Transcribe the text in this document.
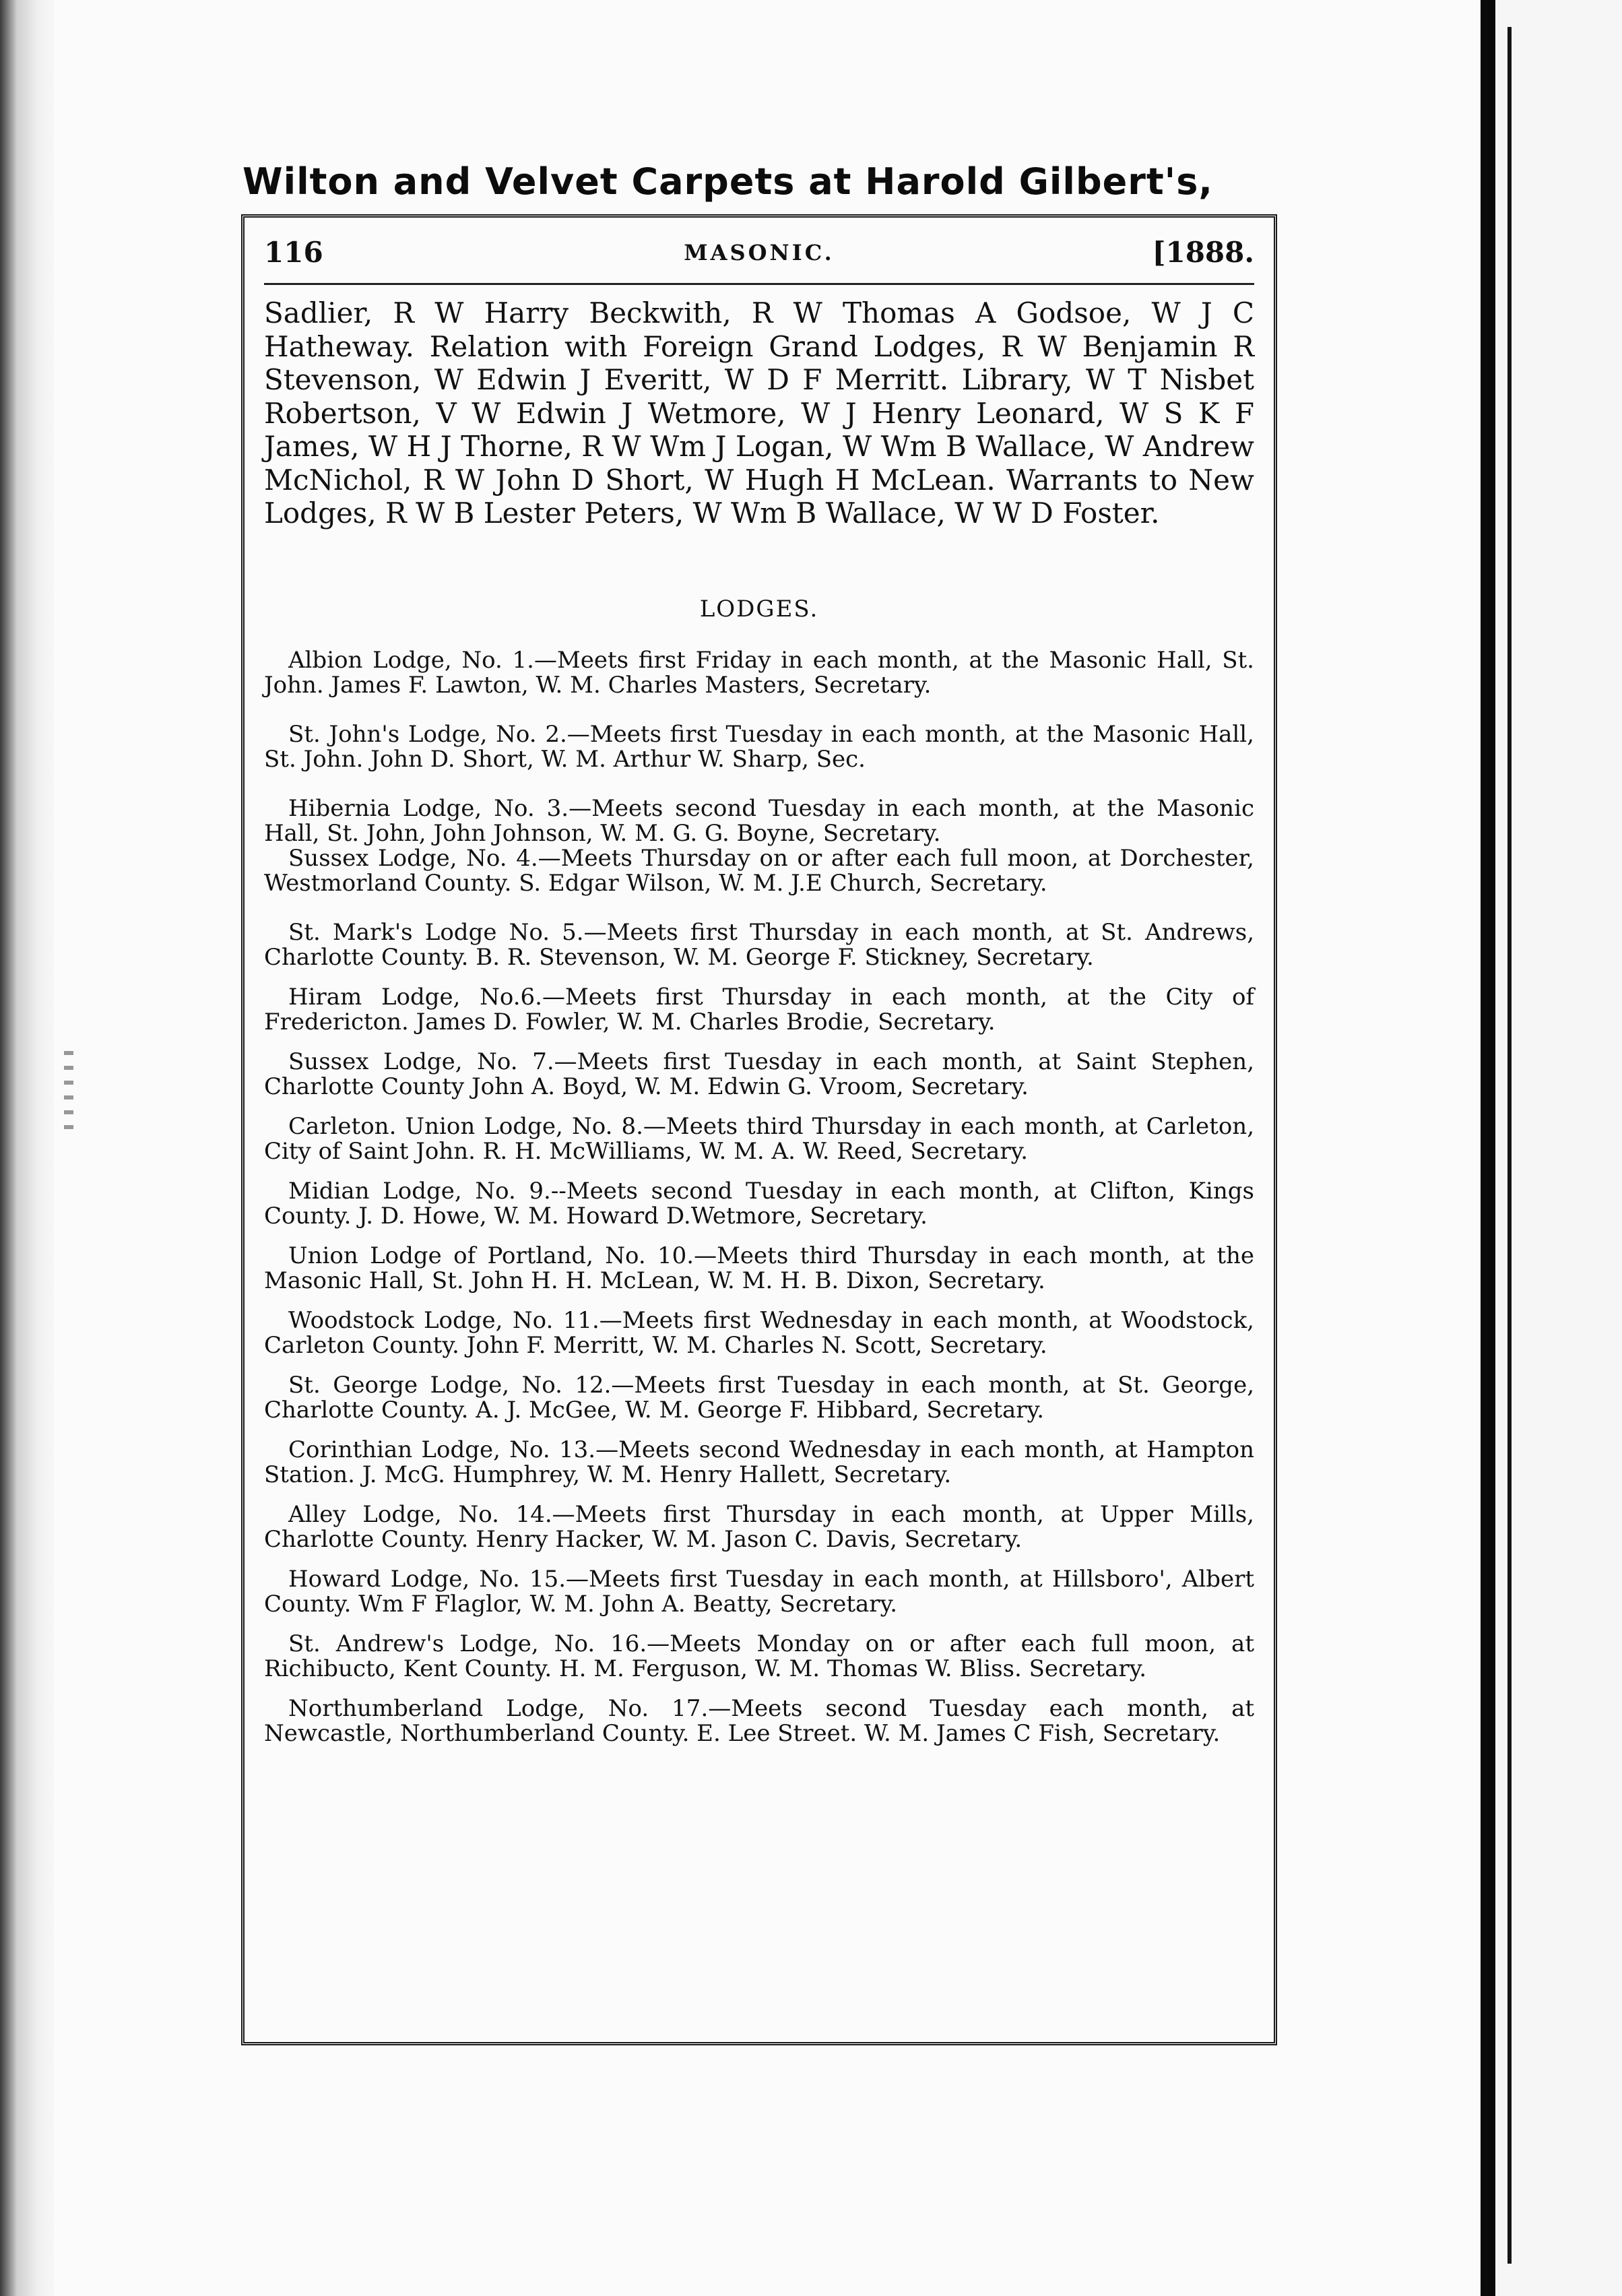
Wilton and Velvet Carpets at Harold Gilbert's,
116	MASONIC.	[1888.
Sadlier, R W Harry Beckwith, R W Thomas A Godsoe, W J C Hatheway. Relation with Foreign Grand Lodges, R W Benjamin R Stevenson, W Edwin J Everitt, W D F Merritt. Library, W T Nisbet Robertson, V W Edwin J Wetmore, W J Henry Leonard, W S K F James, W H J Thorne, R W Wm J Logan, W Wm B Wallace, W Andrew McNichol, R W John D Short, W Hugh H McLean. Warrants to New Lodges, R W B Lester Peters, W Wm B Wallace, W W D Foster.
LODGES.

Albion Lodge, No. 1.—Meets first Friday in each month, at the Masonic Hall, St. John. James F. Lawton, W. M. Charles Masters, Secretary.

St. John's Lodge, No. 2.—Meets first Tuesday in each month, at the Masonic Hall, St. John. John D. Short, W. M. Arthur W. Sharp, Sec.

Hibernia Lodge, No. 3.—Meets second Tuesday in each month, at the Masonic Hall, St. John, John Johnson, W. M. G. G. Boyne, Secretary.

Sussex Lodge, No. 4.—Meets Thursday on or after each full moon, at Dorchester, Westmorland County. S. Edgar Wilson, W. M. J.E Church, Secretary.

St. Mark's Lodge No. 5.—Meets first Thursday in each month, at St. Andrews, Charlotte County. B. R. Stevenson, W. M. George F. Stickney, Secretary.

Hiram Lodge, No.6.—Meets first Thursday in each month, at the City of Fredericton. James D. Fowler, W. M. Charles Brodie, Secretary.

Sussex Lodge, No. 7.—Meets first Tuesday in each month, at Saint Stephen, Charlotte County John A. Boyd, W. M. Edwin G. Vroom, Secretary.

Carleton. Union Lodge, No. 8.—Meets third Thursday in each month, at Carleton, City of Saint John. R. H. McWilliams, W. M. A. W. Reed, Secretary.

Midian Lodge, No. 9.--Meets second Tuesday in each month, at Clifton, Kings County. J. D. Howe, W. M. Howard D.Wetmore, Secretary.

Union Lodge of Portland, No. 10.—Meets third Thursday in each month, at the Masonic Hall, St. John H. H. McLean, W. M. H. B. Dixon, Secretary.

Woodstock Lodge, No. 11.—Meets first Wednesday in each month, at Woodstock, Carleton County. John F. Merritt, W. M. Charles N. Scott, Secretary.

St. George Lodge, No. 12.—Meets first Tuesday in each month, at St. George, Charlotte County. A. J. McGee, W. M. George F. Hibbard, Secretary.

Corinthian Lodge, No. 13.—Meets second Wednesday in each month, at Hampton Station. J. McG. Humphrey, W. M. Henry Hallett, Secretary.

Alley Lodge, No. 14.—Meets first Thursday in each month, at Upper Mills, Charlotte County. Henry Hacker, W. M. Jason C. Davis, Secretary.

Howard Lodge, No. 15.—Meets first Tuesday in each month, at Hillsboro', Albert County. Wm F Flaglor, W. M. John A. Beatty, Secretary.

St. Andrew's Lodge, No. 16.—Meets Monday on or after each full moon, at Richibucto, Kent County. H. M. Ferguson, W. M. Thomas W. Bliss. Secretary.

Northumberland Lodge, No. 17.—Meets second Tuesday each month, at Newcastle, Northumberland County. E. Lee Street. W. M. James C Fish, Secretary.
